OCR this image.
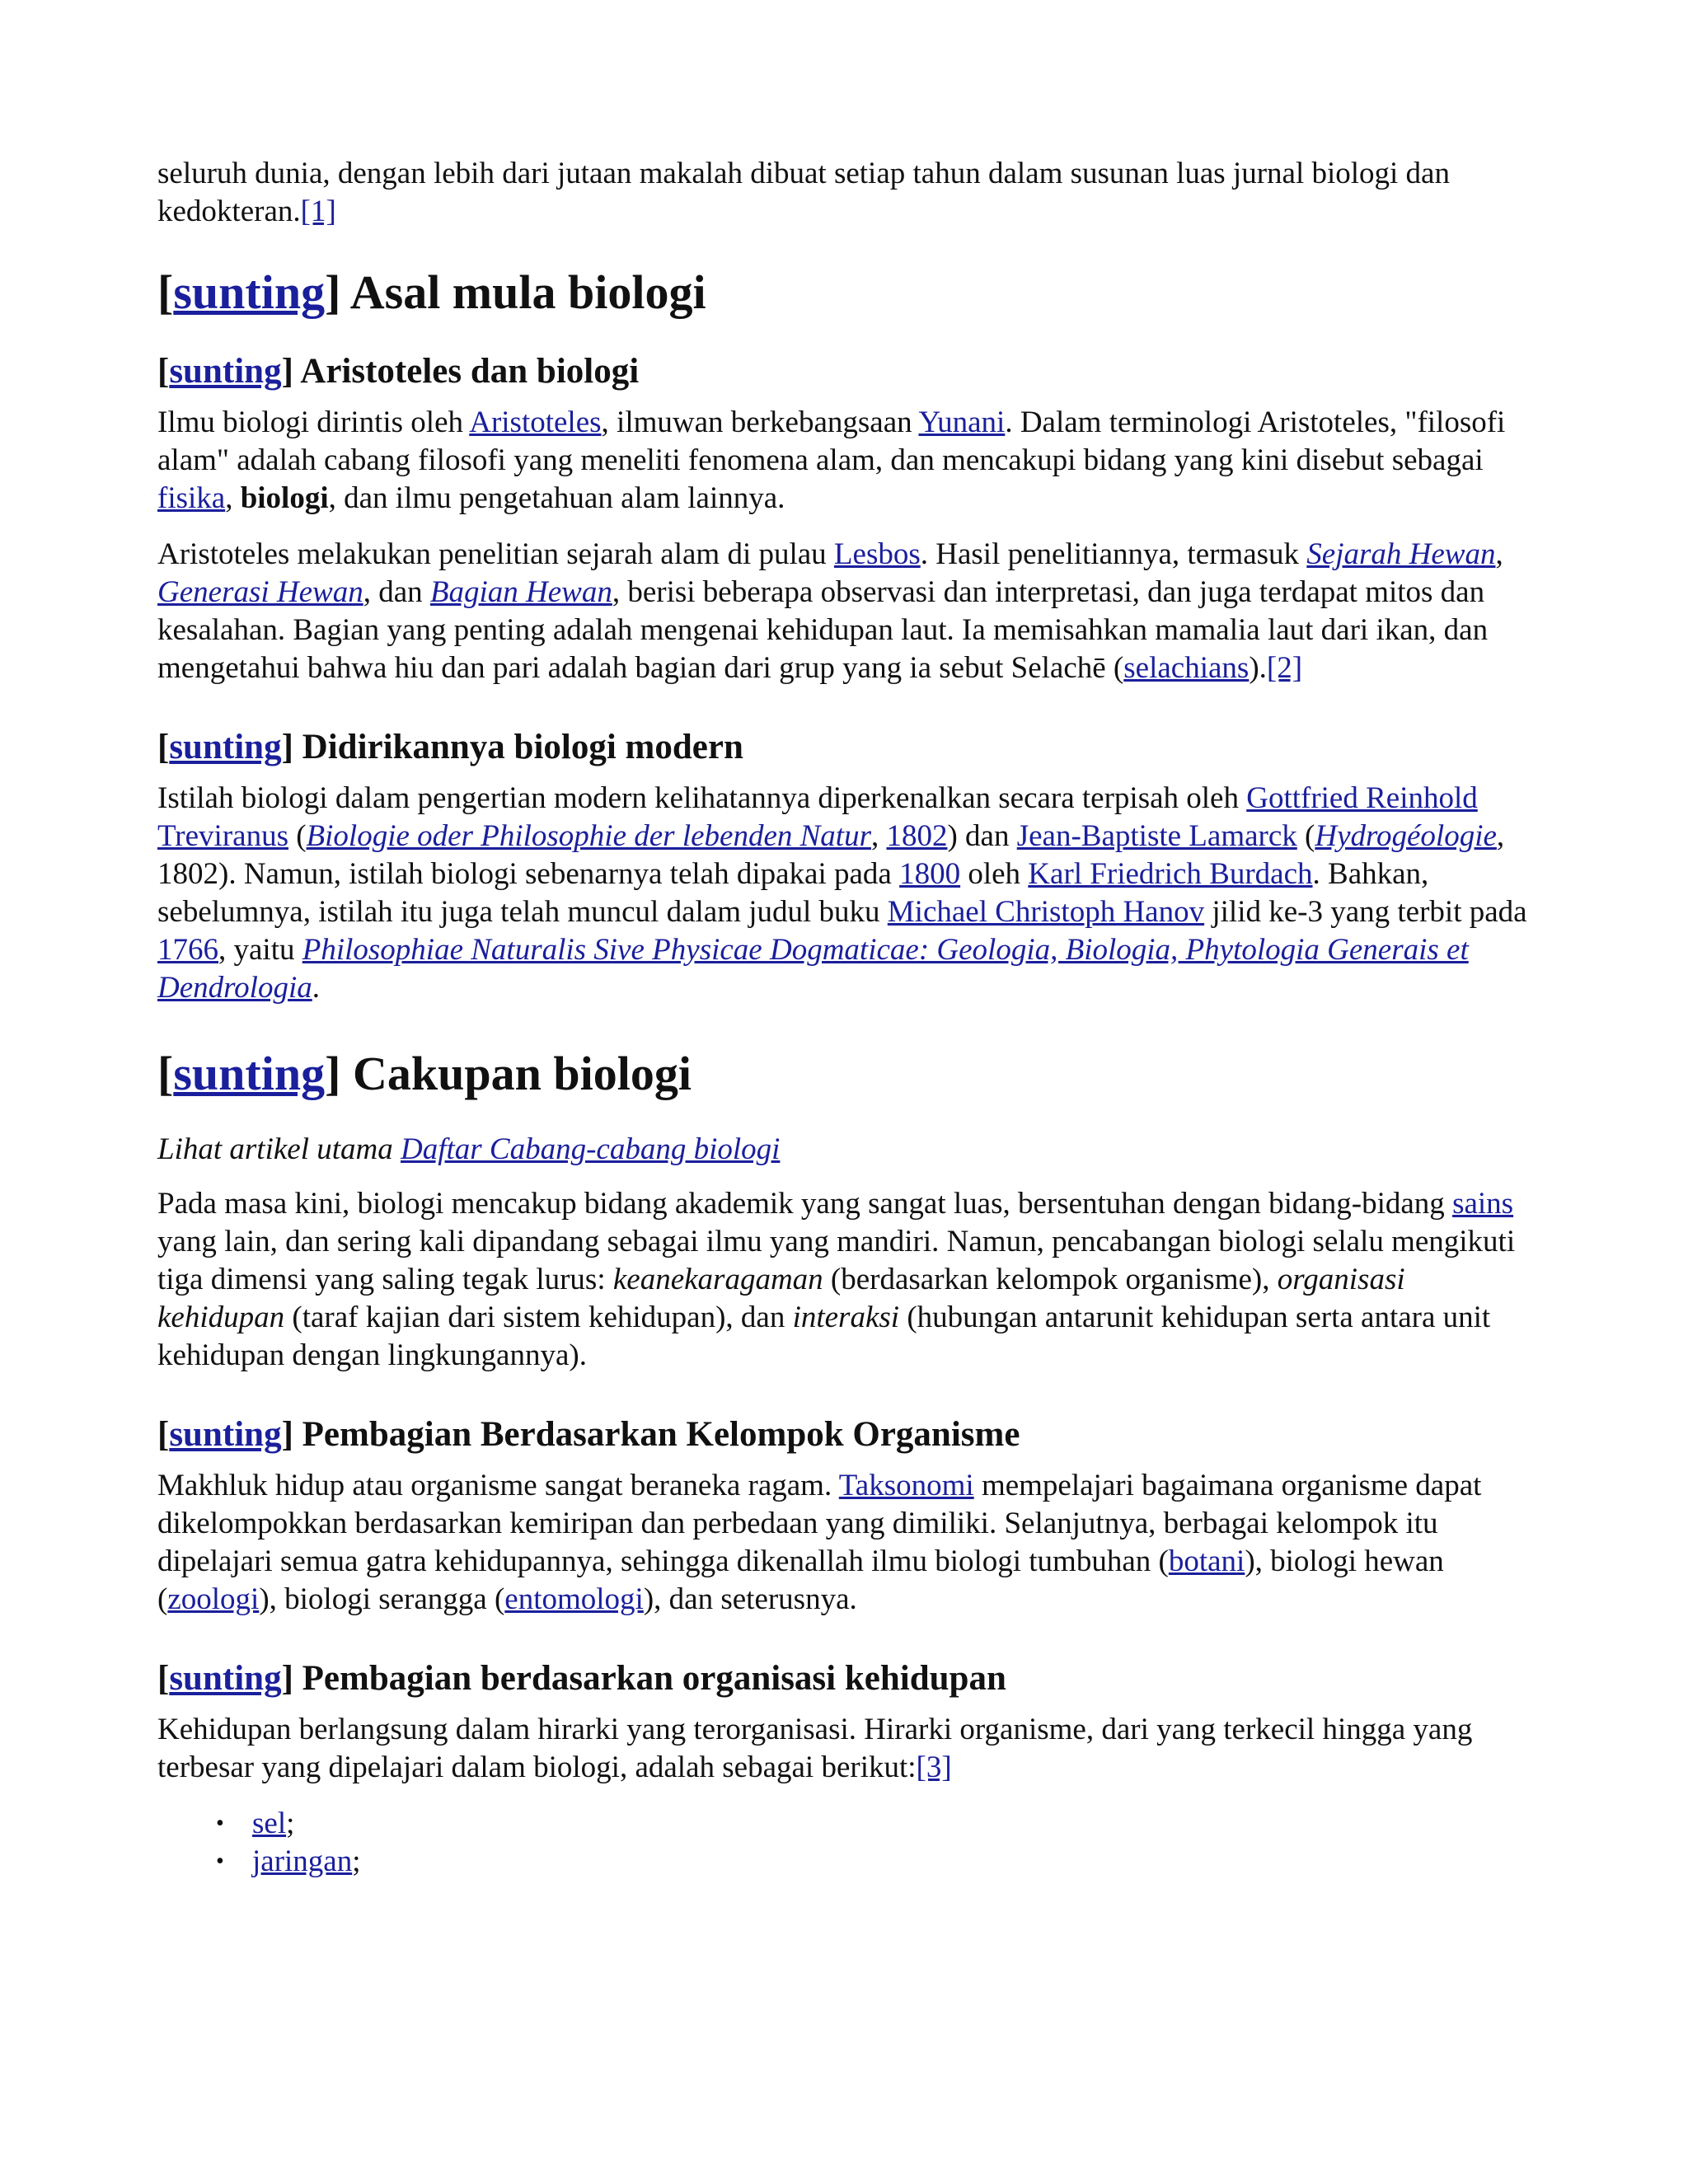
seluruh dunia, dengan lebih dari jutaan makalah dibuat setiap tahun dalam susunan luas jurnal biologi dan kedokteran.[1]

[sunting] Asal mula biologi
[sunting] Aristoteles dan biologi

Ilmu biologi dirintis oleh Aristoteles, ilmuwan berkebangsaan Yunani. Dalam terminologi Aristoteles, "filosofi alam" adalah cabang filosofi yang meneliti fenomena alam, dan mencakupi bidang yang kini disebut sebagai fisika, biologi, dan ilmu pengetahuan alam lainnya.

Aristoteles melakukan penelitian sejarah alam di pulau Lesbos. Hasil penelitiannya, termasuk Sejarah Hewan, Generasi Hewan, dan Bagian Hewan, berisi beberapa observasi dan interpretasi, dan juga terdapat mitos dan kesalahan. Bagian yang penting adalah mengenai kehidupan laut. Ia memisahkan mamalia laut dari ikan, dan mengetahui bahwa hiu dan pari adalah bagian dari grup yang ia sebut Selachē (selachians).[2]

[sunting] Didirikannya biologi modern

Istilah biologi dalam pengertian modern kelihatannya diperkenalkan secara terpisah oleh Gottfried Reinhold Treviranus (Biologie oder Philosophie der lebenden Natur, 1802) dan Jean-Baptiste Lamarck (Hydrogéologie, 1802). Namun, istilah biologi sebenarnya telah dipakai pada 1800 oleh Karl Friedrich Burdach. Bahkan, sebelumnya, istilah itu juga telah muncul dalam judul buku Michael Christoph Hanov jilid ke-3 yang terbit pada 1766, yaitu Philosophiae Naturalis Sive Physicae Dogmaticae: Geologia, Biologia, Phytologia Generais et Dendrologia.

[sunting] Cakupan biologi

Lihat artikel utama Daftar Cabang-cabang biologi

Pada masa kini, biologi mencakup bidang akademik yang sangat luas, bersentuhan dengan bidang-bidang sains yang lain, dan sering kali dipandang sebagai ilmu yang mandiri. Namun, pencabangan biologi selalu mengikuti tiga dimensi yang saling tegak lurus: keanekaragaman (berdasarkan kelompok organisme), organisasi kehidupan (taraf kajian dari sistem kehidupan), dan interaksi (hubungan antarunit kehidupan serta antara unit kehidupan dengan lingkungannya).

[sunting] Pembagian Berdasarkan Kelompok Organisme

Makhluk hidup atau organisme sangat beraneka ragam. Taksonomi mempelajari bagaimana organisme dapat dikelompokkan berdasarkan kemiripan dan perbedaan yang dimiliki. Selanjutnya, berbagai kelompok itu dipelajari semua gatra kehidupannya, sehingga dikenallah ilmu biologi tumbuhan (botani), biologi hewan (zoologi), biologi serangga (entomologi), dan seterusnya.

[sunting] Pembagian berdasarkan organisasi kehidupan

Kehidupan berlangsung dalam hirarki yang terorganisasi. Hirarki organisme, dari yang terkecil hingga yang terbesar yang dipelajari dalam biologi, adalah sebagai berikut:[3]

• sel;
• jaringan;
